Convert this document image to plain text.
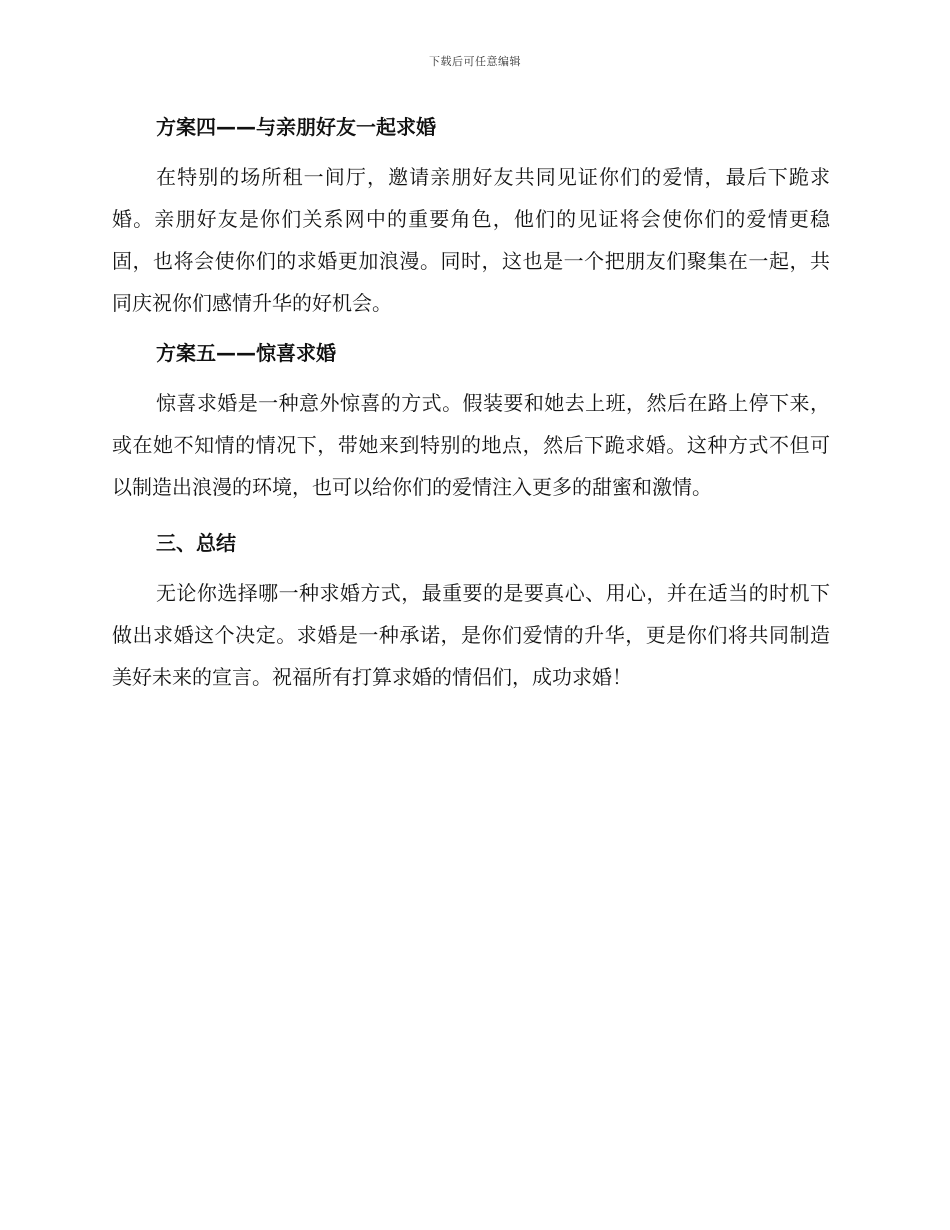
下载后可任意编辑
方案四——与亲朋好友一起求婚

在特别的场所租一间厅，邀请亲朋好友共同见证你们的爱情，最后下跪求婚。亲朋好友是你们关系网中的重要角色，他们的见证将会使你们的爱情更稳固，也将会使你们的求婚更加浪漫。同时，这也是一个把朋友们聚集在一起，共同庆祝你们感情升华的好机会。

方案五——惊喜求婚

惊喜求婚是一种意外惊喜的方式。假装要和她去上班，然后在路上停下来，或在她不知情的情况下，带她来到特别的地点，然后下跪求婚。这种方式不但可以制造出浪漫的环境，也可以给你们的爱情注入更多的甜蜜和激情。

三、总结

无论你选择哪一种求婚方式，最重要的是要真心、用心，并在适当的时机下做出求婚这个决定。求婚是一种承诺，是你们爱情的升华，更是你们将共同制造美好未来的宣言。祝福所有打算求婚的情侣们，成功求婚！
